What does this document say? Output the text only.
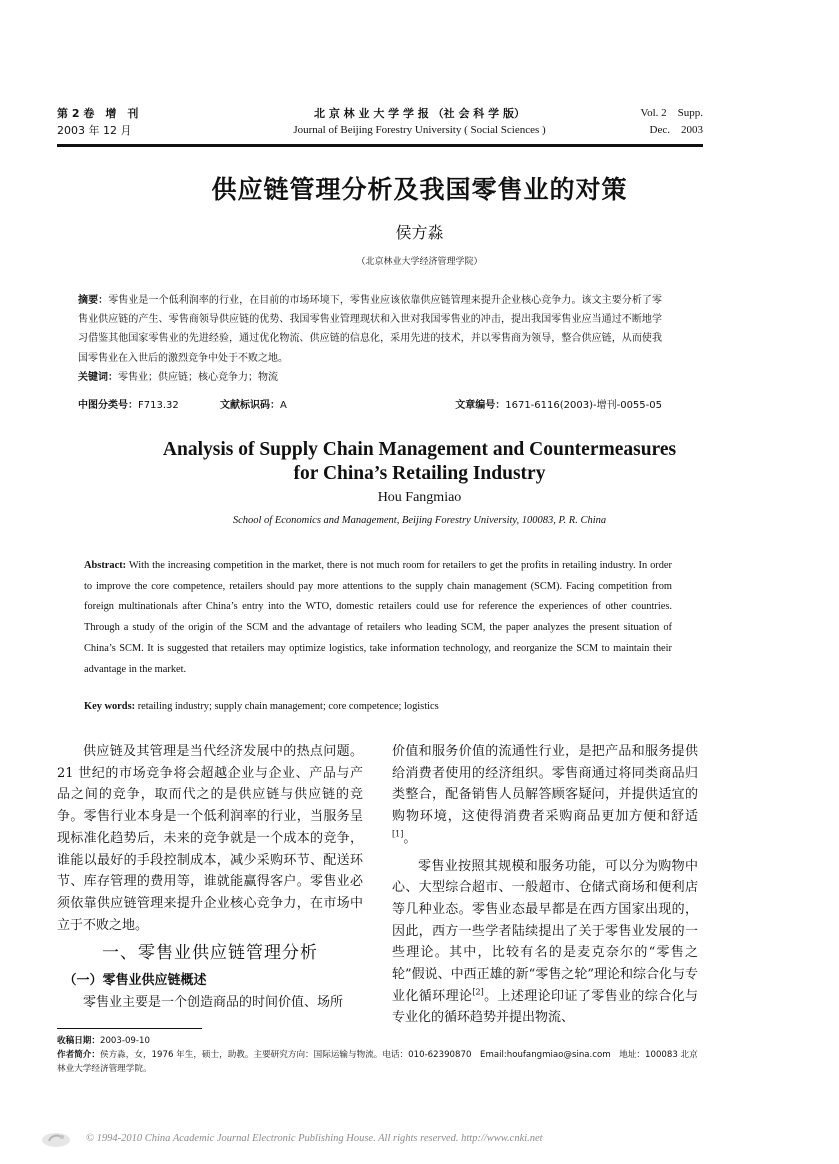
第 2 卷　增　刊
2003 年 12 月
北 京 林 业 大 学 学 报 （社 会 科 学 版）
Journal of Beijing Forestry University ( Social Sciences )
Vol. 2　Supp.
Dec.　2003
供应链管理分析及我国零售业的对策
侯方淼
（北京林业大学经济管理学院）
摘要：零售业是一个低利润率的行业，在目前的市场环境下，零售业应该依靠供应链管理来提升企业核心竞争力。该文主要分析了零售业供应链的产生、零售商领导供应链的优势、我国零售业管理现状和入世对我国零售业的冲击，提出我国零售业应当通过不断地学习借鉴其他国家零售业的先进经验，通过优化物流、供应链的信息化，采用先进的技术，并以零售商为领导，整合供应链，从而使我国零售业在入世后的激烈竞争中处于不败之地。
关键词：零售业；供应链；核心竞争力；物流
中图分类号：F713.32	文献标识码：A	文章编号：1671-6116(2003)-增刊-0055-05
Analysis of Supply Chain Management and Countermeasures
for China’s Retailing Industry
Hou Fangmiao
School of Economics and Management, Beijing Forestry University, 100083, P. R. China
Abstract: With the increasing competition in the market, there is not much room for retailers to get the profits in retailing industry. In order to improve the core competence, retailers should pay more attentions to the supply chain management (SCM). Facing competition from foreign multinationals after China’s entry into the WTO, domestic retailers could use for reference the experiences of other countries. Through a study of the origin of the SCM and the advantage of retailers who leading SCM, the paper analyzes the present situation of China’s SCM. It is suggested that retailers may optimize logistics, take information technology, and reorganize the SCM to maintain their advantage in the market.
Key words: retailing industry; supply chain management; core competence; logistics

供应链及其管理是当代经济发展中的热点问题。21 世纪的市场竞争将会超越企业与企业、产品与产品之间的竞争，取而代之的是供应链与供应链的竞争。零售行业本身是一个低利润率的行业，当服务呈现标准化趋势后，未来的竞争就是一个成本的竞争，谁能以最好的手段控制成本，减少采购环节、配送环节、库存管理的费用等，谁就能赢得客户。零售业必须依靠供应链管理来提升企业核心竞争力，在市场中立于不败之地。

一、零售业供应链管理分析
（一）零售业供应链概述

零售业主要是一个创造商品的时间价值、场所

价值和服务价值的流通性行业，是把产品和服务提供给消费者使用的经济组织。零售商通过将同类商品归类整合，配备销售人员解答顾客疑问，并提供适宜的购物环境，这使得消费者采购商品更加方便和舒适[1]。

零售业按照其规模和服务功能，可以分为购物中心、大型综合超市、一般超市、仓储式商场和便利店等几种业态。零售业态最早都是在西方国家出现的，因此，西方一些学者陆续提出了关于零售业发展的一些理论。其中，比较有名的是麦克奈尔的“零售之轮”假说、中西正雄的新“零售之轮”理论和综合化与专业化循环理论[2]。上述理论印证了零售业的综合化与专业化的循环趋势并提出物流、

收稿日期：2003-09-10
作者简介：侯方淼，女，1976 年生，硕士，助教。主要研究方向：国际运输与物流。电话：010-62390870　Email:houfangmiao@sina.com　地址：100083 北京林业大学经济管理学院。
© 1994-2010 China Academic Journal Electronic Publishing House. All rights reserved. http://www.cnki.net
